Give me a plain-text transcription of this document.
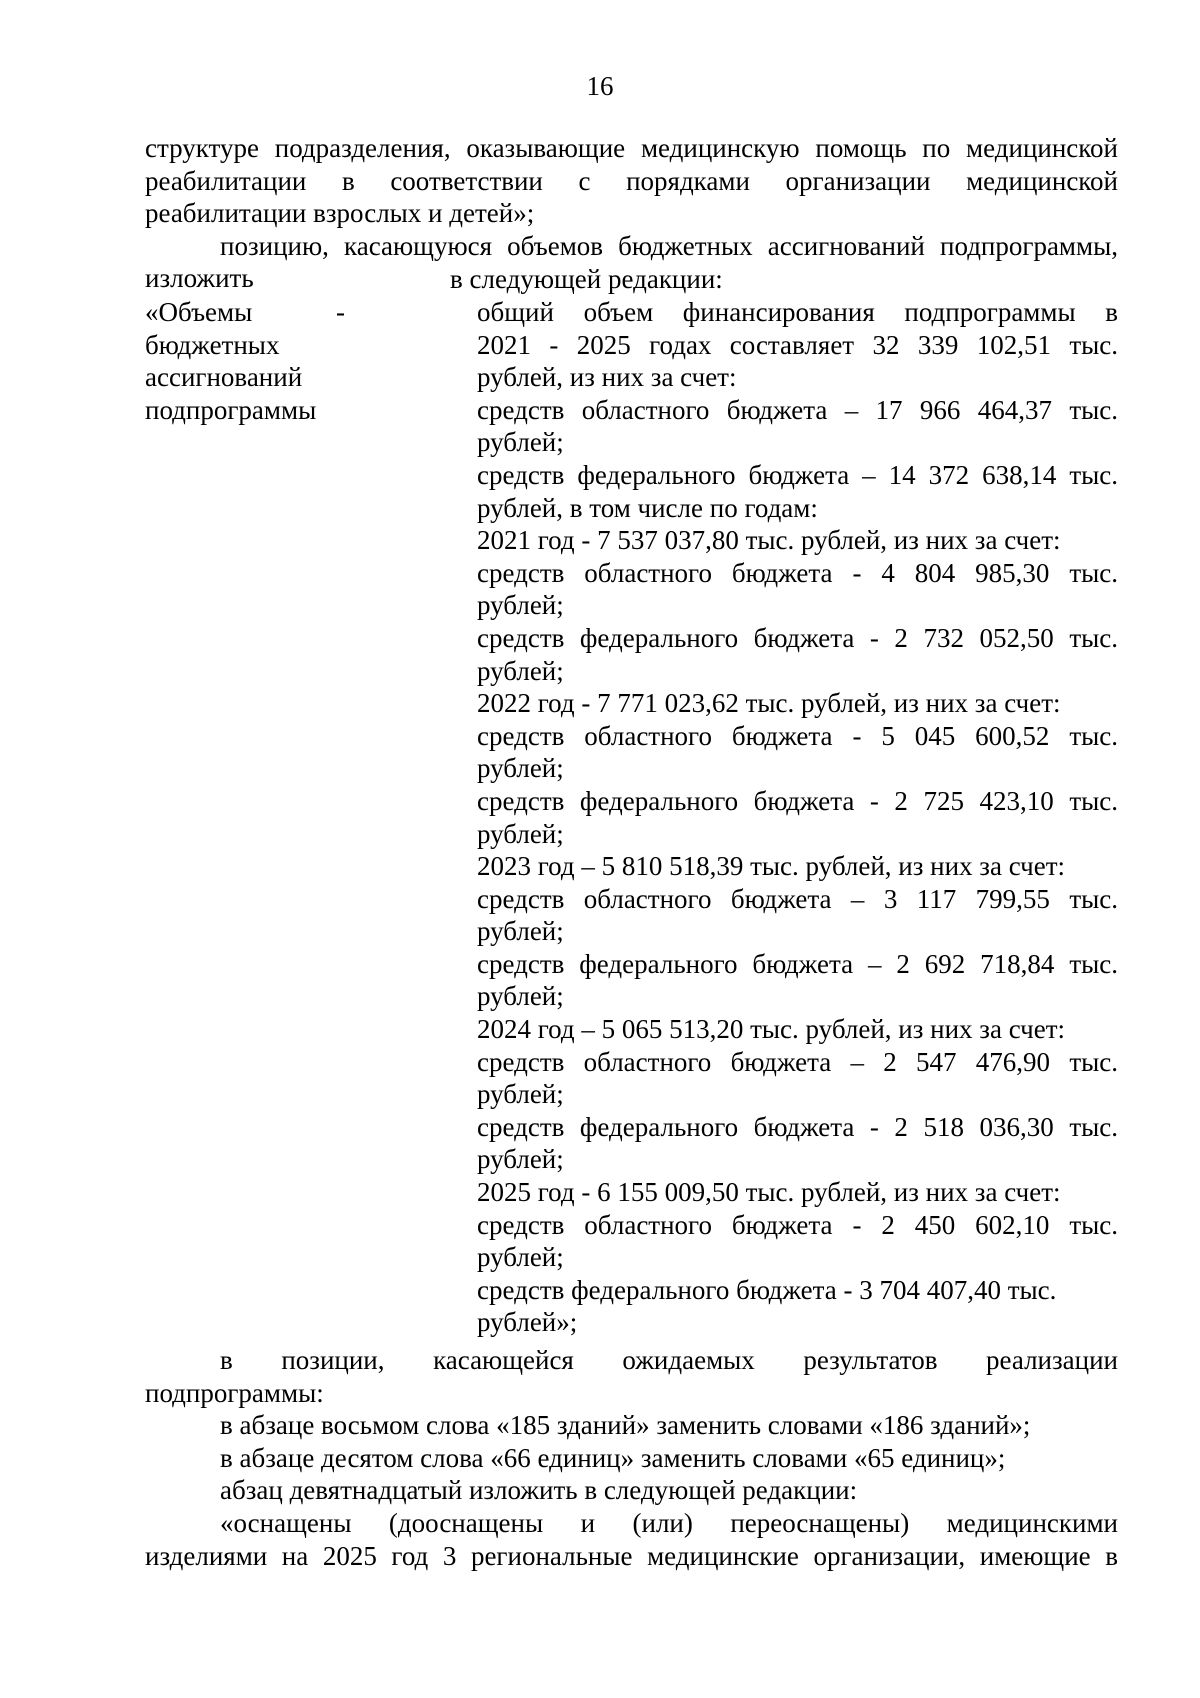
16
структуре подразделения, оказывающие медицинскую помощь по медицинской
реабилитации в соответствии с порядками организации медицинской
реабилитации взрослых и детей»;
позицию, касающуюся объемов бюджетных ассигнований подпрограммы,
изложить	в следующей редакции:
«Объемы	-
бюджетных
ассигнований
подпрограммы
общий объем финансирования подпрограммы в
2021 - 2025 годах составляет 32 339 102,51 тыс.
рублей, из них за счет:
средств областного бюджета – 17 966 464,37 тыс.
рублей;
средств федерального бюджета – 14 372 638,14 тыс.
рублей, в том числе по годам:
2021 год - 7 537 037,80 тыс. рублей, из них за счет:
средств областного бюджета - 4 804 985,30 тыс.
рублей;
средств федерального бюджета - 2 732 052,50 тыс.
рублей;
2022 год - 7 771 023,62 тыс. рублей, из них за счет:
средств областного бюджета - 5 045 600,52 тыс.
рублей;
средств федерального бюджета - 2 725 423,10 тыс.
рублей;
2023 год – 5 810 518,39 тыс. рублей, из них за счет:
средств областного бюджета – 3 117 799,55 тыс.
рублей;
средств федерального бюджета – 2 692 718,84 тыс.
рублей;
2024 год – 5 065 513,20 тыс. рублей, из них за счет:
средств областного бюджета – 2 547 476,90 тыс.
рублей;
средств федерального бюджета - 2 518 036,30 тыс.
рублей;
2025 год - 6 155 009,50 тыс. рублей, из них за счет:
средств областного бюджета - 2 450 602,10 тыс.
рублей;
средств федерального бюджета - 3 704 407,40 тыс.
рублей»;
в позиции, касающейся ожидаемых результатов реализации
подпрограммы:
в абзаце восьмом слова «185 зданий» заменить словами «186 зданий»;
в абзаце десятом слова «66 единиц» заменить словами «65 единиц»;
абзац девятнадцатый изложить в следующей редакции:
«оснащены (дооснащены и (или) переоснащены) медицинскими
изделиями на 2025 год 3 региональные медицинские организации, имеющие в
